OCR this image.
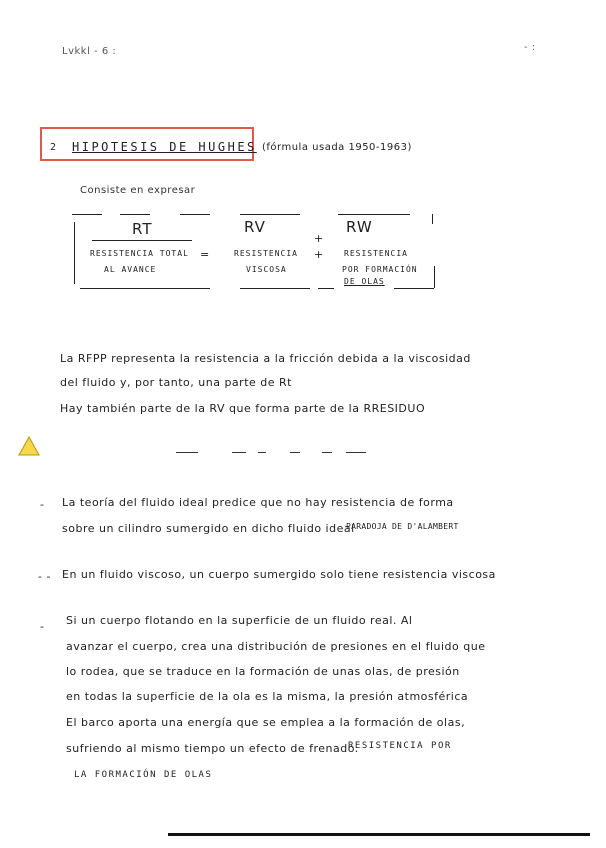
Lvkkl - 6 :	- :
2 HIPOTESIS DE HUGHES (fórmula usada 1950-1963)
Consiste en expresar
RT	RV	RW
RESISTENCIA TOTAL
AL AVANCE
=	RESISTENCIA
VISCOSA
+
+	RESISTENCIA
POR FORMACIÓN
DE OLAS
La RFPP representa la resistencia a la fricción debida a la viscosidad
del fluido y, por tanto, una parte de Rt
Hay también parte de la RV que forma parte de la RRESIDUO
- La teoría del fluido ideal predice que no hay resistencia de forma
sobre un cilindro sumergido en dicho fluido ideal
PARADOJA DE D'ALAMBERT
- - En un fluido viscoso, un cuerpo sumergido solo tiene resistencia viscosa
- Si un cuerpo flotando en la superficie de un fluido real. Al
avanzar el cuerpo, crea una distribución de presiones en el fluido que
lo rodea, que se traduce en la formación de unas olas, de presión
en todas la superficie de la ola es la misma, la presión atmosférica
El barco aporta una energía que se emplea a la formación de olas,
sufriendo al mismo tiempo un efecto de frenado.
RESISTENCIA POR
LA FORMACIÓN DE OLAS
